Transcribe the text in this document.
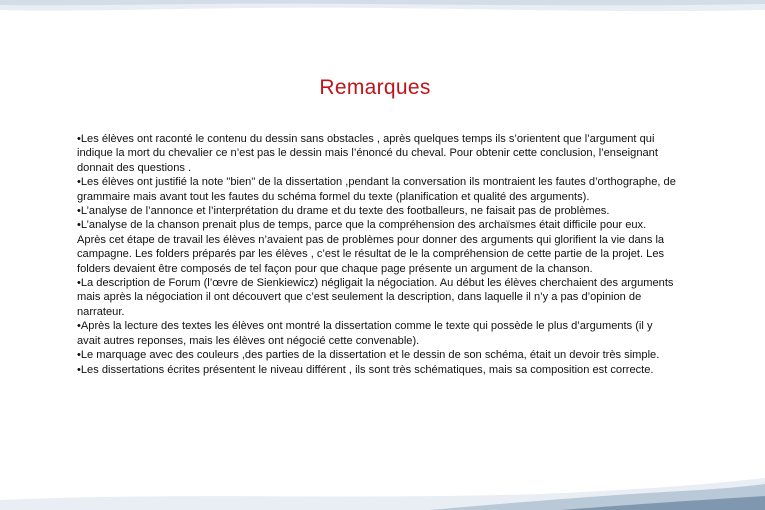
Remarques

•Les élèves ont raconté le contenu du dessin sans obstacles , après quelques temps ils s’orientent que l’argument qui indique la mort du chevalier ce n’est pas le dessin mais l’énoncé du cheval. Pour obtenir cette conclusion, l’enseignant donnait des questions .

•Les élèves ont justifié la note "bien" de la dissertation ,pendant la conversation ils montraient les fautes d’orthographe, de grammaire mais avant tout les fautes du schéma formel du texte (planification et qualité des arguments).

•L’analyse de l’annonce et l’interprétation du drame et du texte des footballeurs, ne faisait pas de problèmes.

•L’analyse de la chanson prenait plus de temps, parce que la compréhension des archaïsmes était difficile pour eux. Après cet étape de travail les élèves n’avaient pas de problèmes pour donner des arguments qui glorifient la vie dans la campagne. Les folders préparés par les élèves , c’est le résultat de le la compréhension de cette partie de la projet. Les folders devaient être composés de tel façon pour que chaque page présente un argument de la chanson.

•La description de Forum (l’œvre de Sienkiewicz) négligait la négociation. Au début les élèves cherchaient des arguments mais après la négociation il ont découvert que c’est seulement la description, dans laquelle il n’y a pas d’opinion de narrateur.

•Après la lecture des textes les élèves ont montré la dissertation comme le texte qui possède le plus d’arguments (il y avait autres reponses, mais les élèves ont négocié cette convenable).

•Le marquage avec des couleurs ,des parties de la dissertation et le dessin de son schéma, était un devoir très simple.

•Les dissertations écrites présentent le niveau différent , ils sont très schématiques, mais sa composition est correcte.
